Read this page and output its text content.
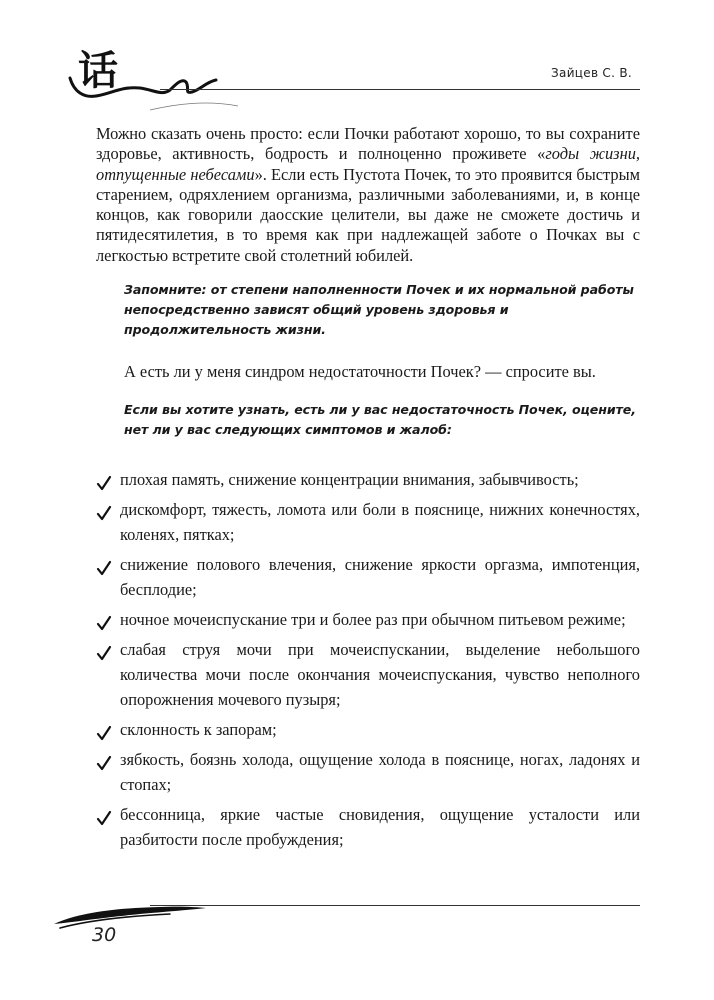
话	Зайцев С. В.

Можно сказать очень просто: если Почки работают хорошо, то вы сохраните здоровье, активность, бодрость и полноценно проживете «годы жизни, отпущенные небесами». Если есть Пустота Почек, то это проявится быстрым старением, одряхлением организма, различными заболеваниями, и, в конце концов, как говорили даосские целители, вы даже не сможете достичь и пятидесятилетия, в то время как при надлежащей заботе о Почках вы с легкостью встретите свой столетний юбилей.

Запомните: от степени наполненности Почек и их нормальной работы непосредственно зависят общий уровень здоровья и продолжительность жизни.

А есть ли у меня синдром недостаточности Почек? — спросите вы.

Если вы хотите узнать, есть ли у вас недостаточность Почек, оцените, нет ли у вас следующих симптомов и жалоб:

плохая память, снижение концентрации внимания, забывчивость;
дискомфорт, тяжесть, ломота или боли в пояснице, нижних конечностях, коленях, пятках;
снижение полового влечения, снижение яркости оргазма, импотенция, бесплодие;
ночное мочеиспускание три и более раз при обычном питьевом режиме;
слабая струя мочи при мочеиспускании, выделение небольшого количества мочи после окончания мочеиспускания, чувство неполного опорожнения мочевого пузыря;
склонность к запорам;
зябкость, боязнь холода, ощущение холода в пояснице, ногах, ладонях и стопах;
бессонница, яркие частые сновидения, ощущение усталости или разбитости после пробуждения;
30
